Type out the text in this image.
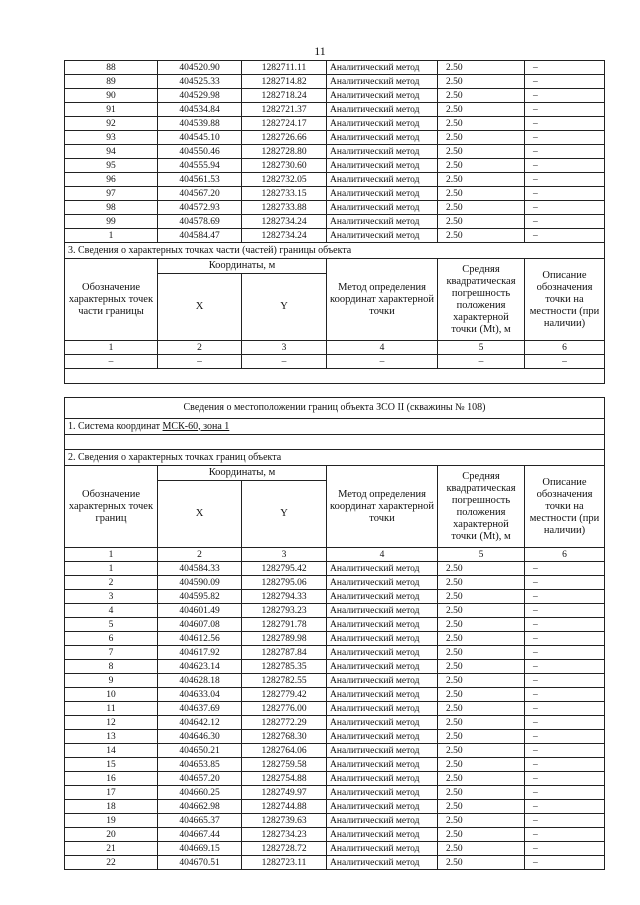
11
88	404520.90	1282711.11	Аналитический метод	2.50	–
89	404525.33	1282714.82	Аналитический метод	2.50	–
90	404529.98	1282718.24	Аналитический метод	2.50	–
91	404534.84	1282721.37	Аналитический метод	2.50	–
92	404539.88	1282724.17	Аналитический метод	2.50	–
93	404545.10	1282726.66	Аналитический метод	2.50	–
94	404550.46	1282728.80	Аналитический метод	2.50	–
95	404555.94	1282730.60	Аналитический метод	2.50	–
96	404561.53	1282732.05	Аналитический метод	2.50	–
97	404567.20	1282733.15	Аналитический метод	2.50	–
98	404572.93	1282733.88	Аналитический метод	2.50	–
99	404578.69	1282734.24	Аналитический метод	2.50	–
1	404584.47	1282734.24	Аналитический метод	2.50	–
3. Сведения о характерных точках части (частей) границы объекта					
Обозначение характерных точек части границы	Координаты, м		Метод определения координат характерной точки	Средняя квадратическая погрешность положения характерной точки (Mt), м	Описание обозначения точки на местности (при наличии)
	X	Y			
1	2	3	4	5	6
–	–	–	–	–	–

Сведения о местоположении границ объекта ЗСО II (скважины № 108)					
1. Система координат МСК-60, зона 1					

2. Сведения о характерных точках границ объекта					
Обозначение характерных точек границ	Координаты, м		Метод определения координат характерной точки	Средняя квадратическая погрешность положения характерной точки (Mt), м	Описание обозначения точки на местности (при наличии)
	X	Y			
1	2	3	4	5	6
1	404584.33	1282795.42	Аналитический метод	2.50	–
2	404590.09	1282795.06	Аналитический метод	2.50	–
3	404595.82	1282794.33	Аналитический метод	2.50	–
4	404601.49	1282793.23	Аналитический метод	2.50	–
5	404607.08	1282791.78	Аналитический метод	2.50	–
6	404612.56	1282789.98	Аналитический метод	2.50	–
7	404617.92	1282787.84	Аналитический метод	2.50	–
8	404623.14	1282785.35	Аналитический метод	2.50	–
9	404628.18	1282782.55	Аналитический метод	2.50	–
10	404633.04	1282779.42	Аналитический метод	2.50	–
11	404637.69	1282776.00	Аналитический метод	2.50	–
12	404642.12	1282772.29	Аналитический метод	2.50	–
13	404646.30	1282768.30	Аналитический метод	2.50	–
14	404650.21	1282764.06	Аналитический метод	2.50	–
15	404653.85	1282759.58	Аналитический метод	2.50	–
16	404657.20	1282754.88	Аналитический метод	2.50	–
17	404660.25	1282749.97	Аналитический метод	2.50	–
18	404662.98	1282744.88	Аналитический метод	2.50	–
19	404665.37	1282739.63	Аналитический метод	2.50	–
20	404667.44	1282734.23	Аналитический метод	2.50	–
21	404669.15	1282728.72	Аналитический метод	2.50	–
22	404670.51	1282723.11	Аналитический метод	2.50	–
